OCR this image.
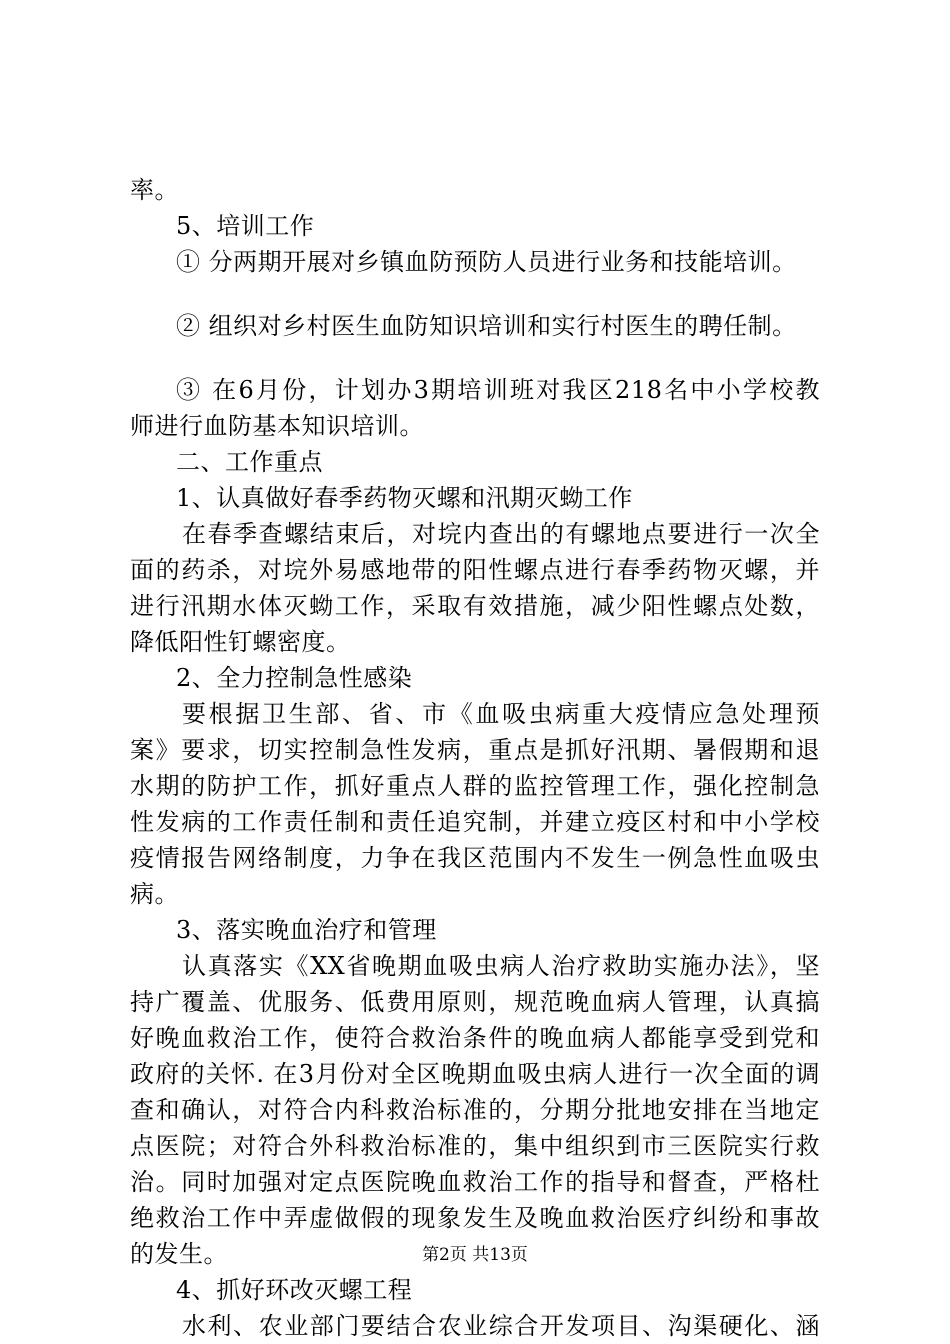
率。
5、培训工作
① 分两期开展对乡镇血防预防人员进行业务和技能培训。
② 组织对乡村医生血防知识培训和实行村医生的聘任制。
③ 在6月份，计划办3期培训班对我区218名中小学校教
师进行血防基本知识培训。
二、工作重点
1、认真做好春季药物灭螺和汛期灭蚴工作
在春季查螺结束后，对垸内查出的有螺地点要进行一次全
面的药杀，对垸外易感地带的阳性螺点进行春季药物灭螺，并
进行汛期水体灭蚴工作，采取有效措施，减少阳性螺点处数，
降低阳性钉螺密度。
2、全力控制急性感染
要根据卫生部、省、市《血吸虫病重大疫情应急处理预
案》要求，切实控制急性发病，重点是抓好汛期、暑假期和退
水期的防护工作，抓好重点人群的监控管理工作，强化控制急
性发病的工作责任制和责任追究制，并建立疫区村和中小学校
疫情报告网络制度，力争在我区范围内不发生一例急性血吸虫
病。
3、落实晚血治疗和管理
认真落实《XX省晚期血吸虫病人治疗救助实施办法》，坚
持广覆盖、优服务、低费用原则，规范晚血病人管理，认真搞
好晚血救治工作，使符合救治条件的晚血病人都能享受到党和
政府的关怀. 在3月份对全区晚期血吸虫病人进行一次全面的调
查和确认，对符合内科救治标准的，分期分批地安排在当地定
点医院；对符合外科救治标准的，集中组织到市三医院实行救
治。同时加强对定点医院晚血救治工作的指导和督查，严格杜
绝救治工作中弄虚做假的现象发生及晚血救治医疗纠纷和事故
的发生。
4、抓好环改灭螺工程
水利、农业部门要结合农业综合开发项目、沟渠硬化、涵
第2页 共13页
